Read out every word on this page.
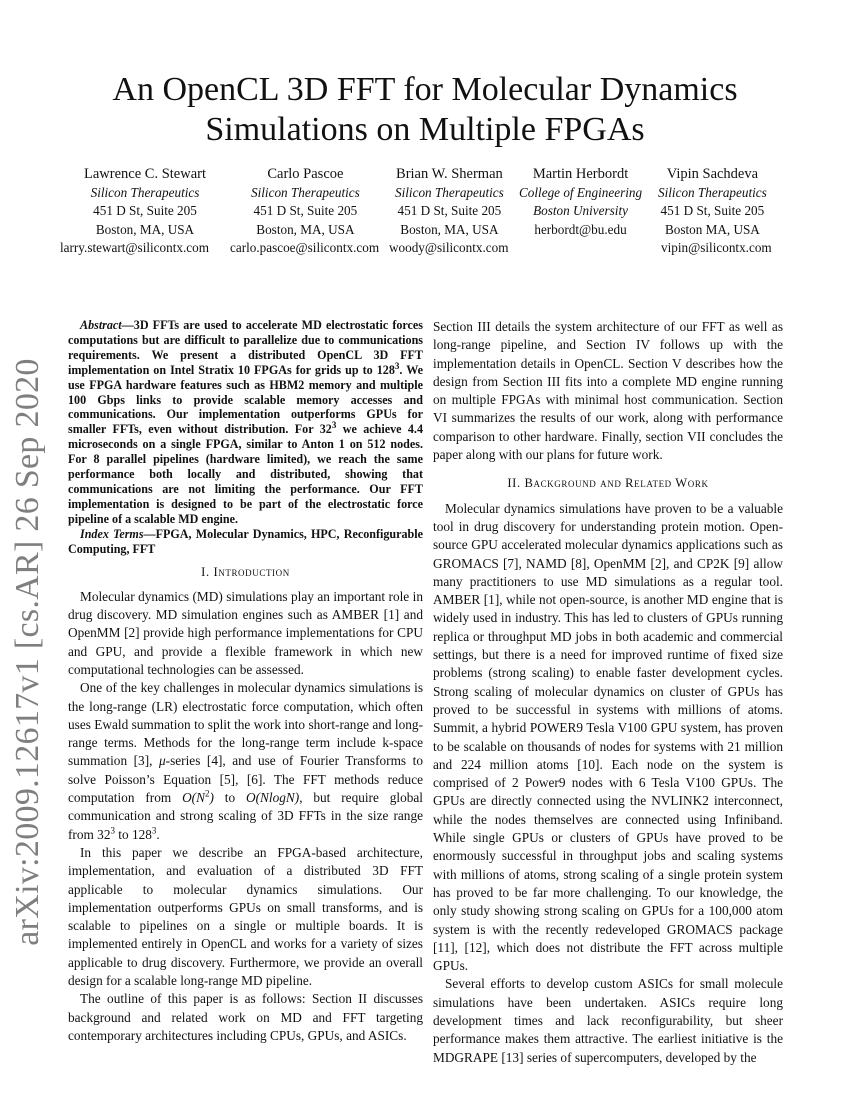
arXiv:2009.12617v1 [cs.AR] 26 Sep 2020
An OpenCL 3D FFT for Molecular Dynamics
Simulations on Multiple FPGAs
Lawrence C. Stewart
Silicon Therapeutics
451 D St, Suite 205
Boston, MA, USA
Carlo Pascoe
Silicon Therapeutics
451 D St, Suite 205
Boston, MA, USA
Brian W. Sherman
Silicon Therapeutics
451 D St, Suite 205
Boston, MA, USA
Martin Herbordt
College of Engineering
Boston University
herbordt@bu.edu
Vipin Sachdeva
Silicon Therapeutics
451 D St, Suite 205
Boston MA, USA
larry.stewart@silicontx.com carlo.pascoe@silicontx.com woody@silicontx.com	vipin@silicontx.com

Abstract—3D FFTs are used to accelerate MD electrostatic forces computations but are difficult to parallelize due to communications requirements. We present a distributed OpenCL 3D FFT implementation on Intel Stratix 10 FPGAs for grids up to $128^3$. We use FPGA hardware features such as HBM2 memory and multiple 100 Gbps links to provide scalable memory accesses and communications. Our implementation outperforms GPUs for smaller FFTs, even without distribution. For $32^3$ we achieve 4.4 microseconds on a single FPGA, similar to Anton 1 on 512 nodes. For 8 parallel pipelines (hardware limited), we reach the same performance both locally and distributed, showing that communications are not limiting the performance. Our FFT implementation is designed to be part of the electrostatic force pipeline of a scalable MD engine.

Index Terms—FPGA, Molecular Dynamics, HPC, Reconfigurable Computing, FFT

I. Introduction

Molecular dynamics (MD) simulations play an important role in drug discovery. MD simulation engines such as AMBER [1] and OpenMM [2] provide high performance implementations for CPU and GPU, and provide a flexible framework in which new computational technologies can be assessed.

One of the key challenges in molecular dynamics simulations is the long-range (LR) electrostatic force computation, which often uses Ewald summation to split the work into short-range and long-range terms. Methods for the long-range term include k-space summation [3], μ-series [4], and use of Fourier Transforms to solve Poisson’s Equation [5], [6]. The FFT methods reduce computation from $O(N^2)$ to O(NlogN), but require global communication and strong scaling of 3D FFTs in the size range from $32^3$ to $128^3$.

In this paper we describe an FPGA-based architecture, implementation, and evaluation of a distributed 3D FFT applicable to molecular dynamics simulations. Our implementation outperforms GPUs on small transforms, and is scalable to pipelines on a single or multiple boards. It is implemented entirely in OpenCL and works for a variety of sizes applicable to drug discovery. Furthermore, we provide an overall design for a scalable long-range MD pipeline.

The outline of this paper is as follows: Section II discusses background and related work on MD and FFT targeting contemporary architectures including CPUs, GPUs, and ASICs.

Section III details the system architecture of our FFT as well as long-range pipeline, and Section IV follows up with the implementation details in OpenCL. Section V describes how the design from Section III fits into a complete MD engine running on multiple FPGAs with minimal host communication. Section VI summarizes the results of our work, along with performance comparison to other hardware. Finally, section VII concludes the paper along with our plans for future work.

II. Background and Related Work

Molecular dynamics simulations have proven to be a valuable tool in drug discovery for understanding protein motion. Open-source GPU accelerated molecular dynamics applications such as GROMACS [7], NAMD [8], OpenMM [2], and CP2K [9] allow many practitioners to use MD simulations as a regular tool. AMBER [1], while not open-source, is another MD engine that is widely used in industry. This has led to clusters of GPUs running replica or throughput MD jobs in both academic and commercial settings, but there is a need for improved runtime of fixed size problems (strong scaling) to enable faster development cycles. Strong scaling of molecular dynamics on cluster of GPUs has proved to be successful in systems with millions of atoms. Summit, a hybrid POWER9 Tesla V100 GPU system, has proven to be scalable on thousands of nodes for systems with 21 million and 224 million atoms [10]. Each node on the system is comprised of 2 Power9 nodes with 6 Tesla V100 GPUs. The GPUs are directly connected using the NVLINK2 interconnect, while the nodes themselves are connected using Infiniband. While single GPUs or clusters of GPUs have proved to be enormously successful in throughput jobs and scaling systems with millions of atoms, strong scaling of a single protein system has proved to be far more challenging. To our knowledge, the only study showing strong scaling on GPUs for a 100,000 atom system is with the recently redeveloped GROMACS package [11], [12], which does not distribute the FFT across multiple GPUs.

Several efforts to develop custom ASICs for small molecule simulations have been undertaken. ASICs require long development times and lack reconfigurability, but sheer performance makes them attractive. The earliest initiative is the MDGRAPE [13] series of supercomputers, developed by the
